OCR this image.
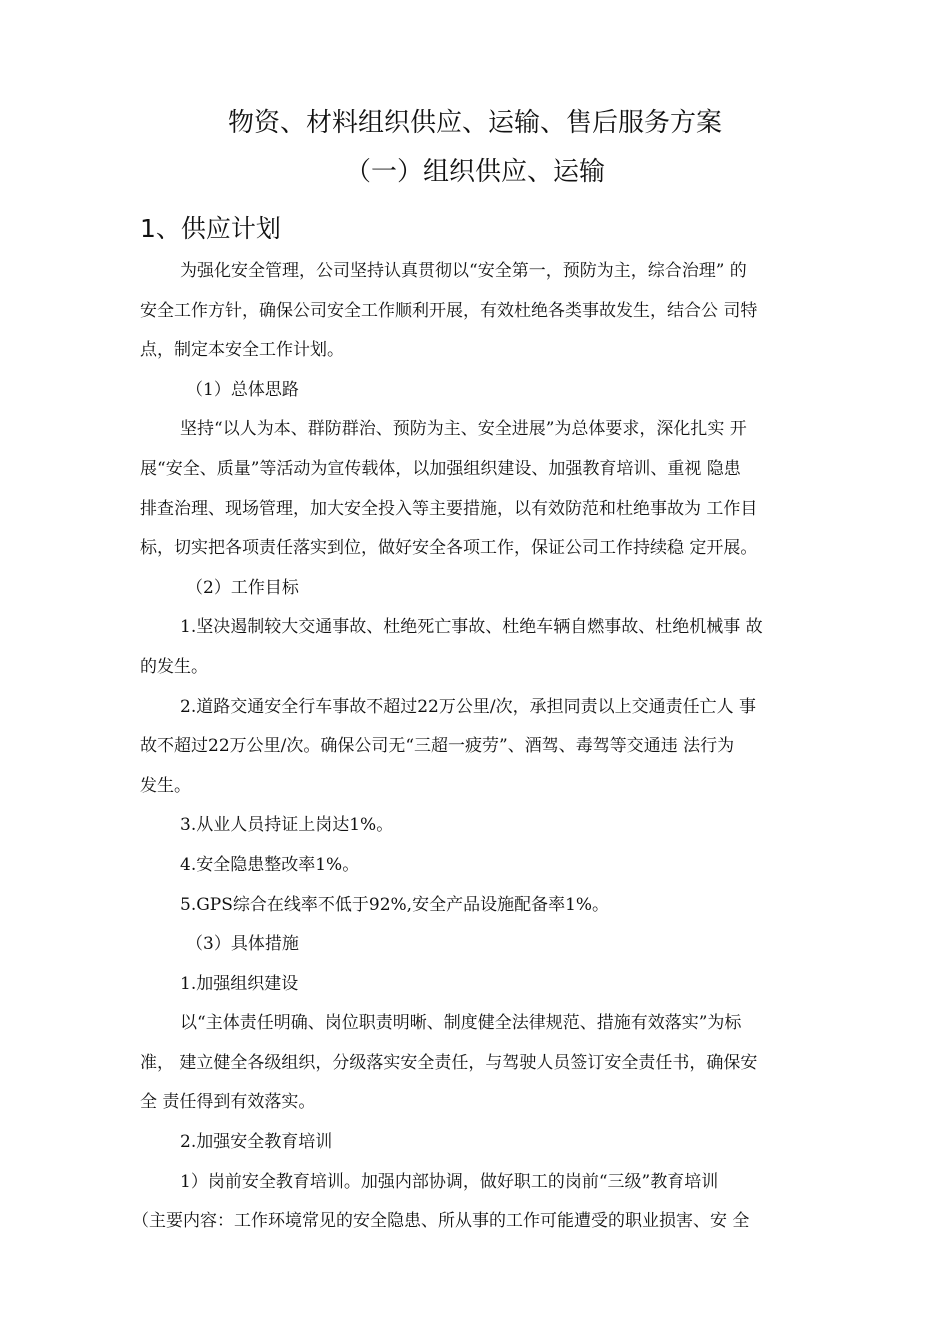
物资、材料组织供应、运输、售后服务方案
（一）组织供应、运输
1、供应计划

为强化安全管理，公司坚持认真贯彻以“安全第一，预防为主，综合治理” 的
安全工作方针，确保公司安全工作顺利开展，有效杜绝各类事故发生，结合公 司特
点，制定本安全工作计划。

（1）总体思路

坚持“以人为本、群防群治、预防为主、安全进展”为总体要求，深化扎实 开
展“安全、质量”等活动为宣传载体，以加强组织建设、加强教育培训、重视 隐患
排查治理、现场管理，加大安全投入等主要措施，以有效防范和杜绝事故为 工作目
标，切实把各项责任落实到位，做好安全各项工作，保证公司工作持续稳 定开展。

（2）工作目标

1.坚决遏制较大交通事故、杜绝死亡事故、杜绝车辆自燃事故、杜绝机械事 故
的发生。

2.道路交通安全行车事故不超过22万公里/次，承担同责以上交通责任亡人 事
故不超过22万公里/次。确保公司无“三超一疲劳”、酒驾、毒驾等交通违 法行为
发生。

3.从业人员持证上岗达1%。

4.安全隐患整改率1%。

5.GPS综合在线率不低于92%,安全产品设施配备率1%。

（3）具体措施

1.加强组织建设

以“主体责任明确、岗位职责明晰、制度健全法律规范、措施有效落实”为标
准， 建立健全各级组织，分级落实安全责任，与驾驶人员签订安全责任书，确保安
全 责任得到有效落实。

2.加强安全教育培训

1）岗前安全教育培训。加强内部协调，做好职工的岗前“三级”教育培训

（主要内容：工作环境常见的安全隐患、所从事的工作可能遭受的职业损害、安 全
